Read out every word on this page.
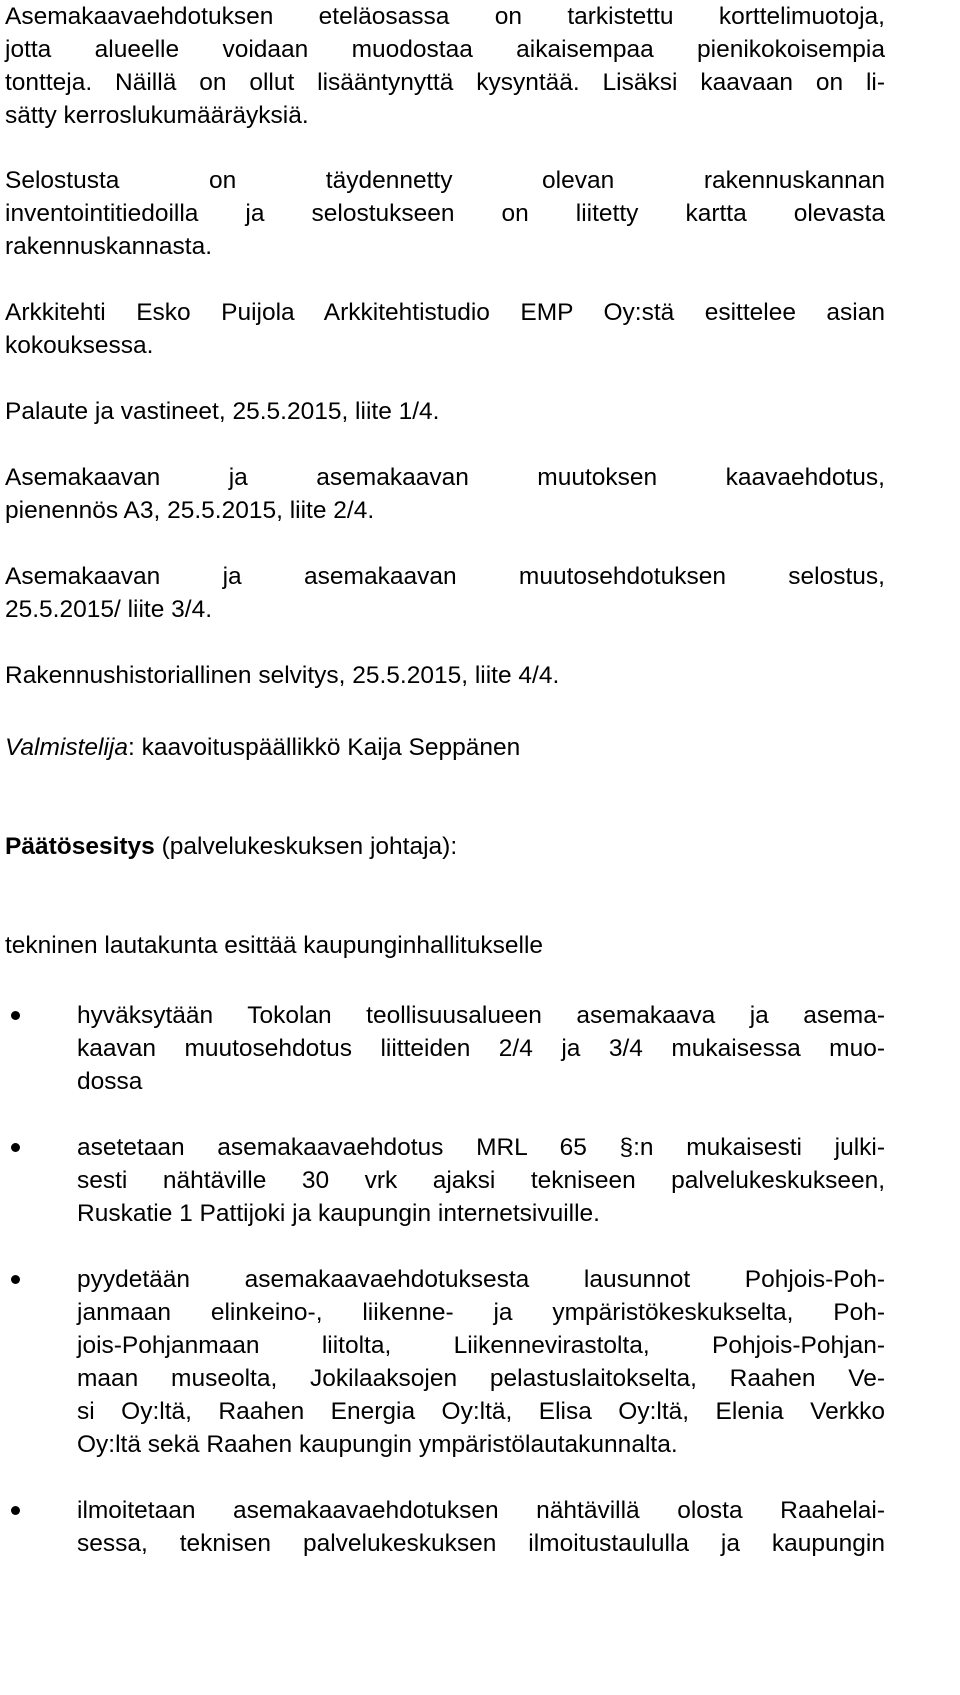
Asemakaavaehdotuksen eteläosassa on tarkistettu korttelimuotoja,
jotta alueelle voidaan muodostaa aikaisempaa pienikokoisempia
tontteja. Näillä on ollut lisääntynyttä kysyntää. Lisäksi kaavaan on li-
sätty kerroslukumääräyksiä.
Selostusta on täydennetty olevan rakennuskannan
inventointitiedoilla ja selostukseen on liitetty kartta olevasta
rakennuskannasta.
Arkkitehti Esko Puijola Arkkitehtistudio EMP Oy:stä esittelee asian
kokouksessa.
Palaute ja vastineet, 25.5.2015, liite 1/4.
Asemakaavan ja asemakaavan muutoksen kaavaehdotus,
pienennös A3, 25.5.2015, liite 2/4.
Asemakaavan ja asemakaavan muutosehdotuksen selostus,
25.5.2015/ liite 3/4.
Rakennushistoriallinen selvitys, 25.5.2015, liite 4/4.
Valmistelija: kaavoituspäällikkö Kaija Seppänen
Päätösesitys (palvelukeskuksen johtaja):
tekninen lautakunta esittää kaupunginhallitukselle
hyväksytään Tokolan teollisuusalueen asemakaava ja asema-
kaavan muutosehdotus liitteiden 2/4 ja 3/4 mukaisessa muo-
dossa
asetetaan asemakaavaehdotus MRL 65 §:n mukaisesti julki-
sesti nähtäville 30 vrk ajaksi tekniseen palvelukeskukseen,
Ruskatie 1 Pattijoki ja kaupungin internetsivuille.
pyydetään asemakaavaehdotuksesta lausunnot Pohjois-Poh-
janmaan elinkeino-, liikenne- ja ympäristökeskukselta, Poh-
jois-Pohjanmaan liitolta, Liikennevirastolta, Pohjois-Pohjan-
maan museolta, Jokilaaksojen pelastuslaitokselta, Raahen Ve-
si Oy:ltä, Raahen Energia Oy:ltä, Elisa Oy:ltä, Elenia Verkko
Oy:ltä sekä Raahen kaupungin ympäristölautakunnalta.
ilmoitetaan asemakaavaehdotuksen nähtävillä olosta Raahelai-
sessa, teknisen palvelukeskuksen ilmoitustaululla ja kaupungin
